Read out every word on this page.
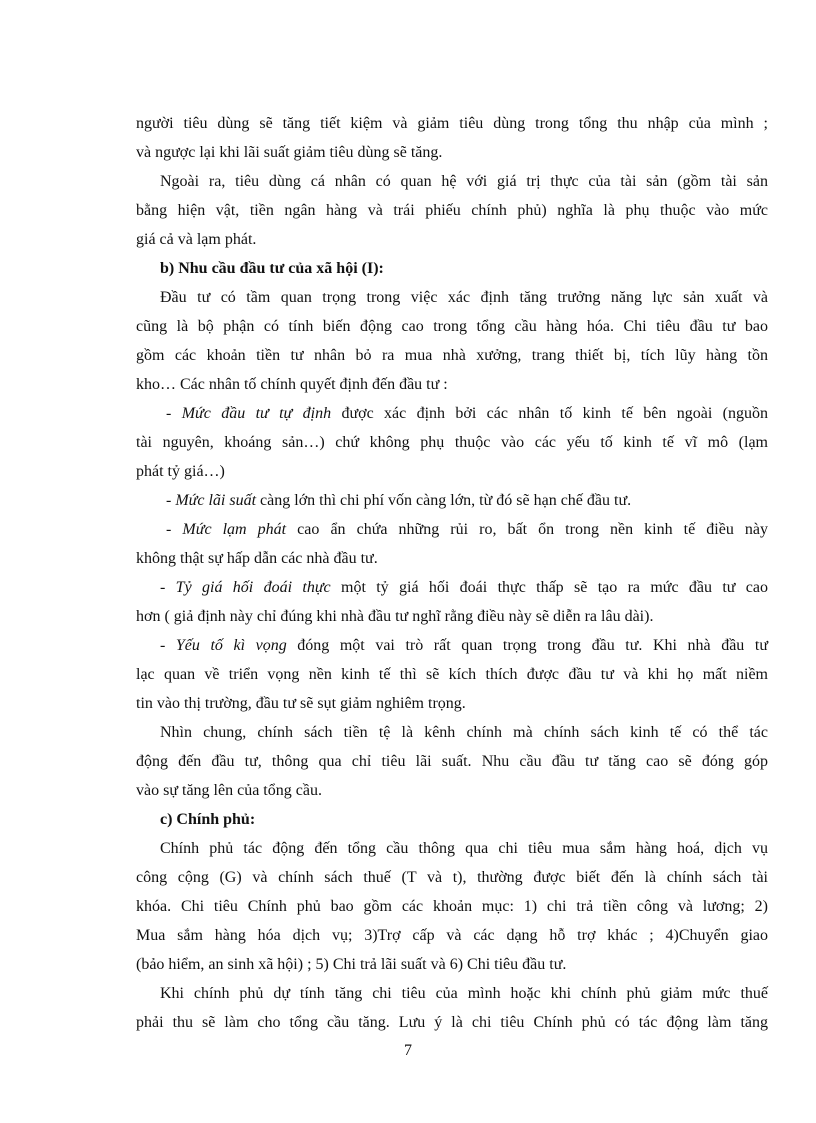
người tiêu dùng sẽ tăng tiết kiệm và giảm tiêu dùng trong tổng thu nhập của mình ;
và ngược lại khi lãi suất giảm tiêu dùng sẽ tăng.
Ngoài ra, tiêu dùng cá nhân có quan hệ với giá trị thực của tài sản (gồm tài sản
bằng hiện vật, tiền ngân hàng và trái phiếu chính phủ) nghĩa là phụ thuộc vào mức
giá cả và lạm phát.
b) Nhu cầu đầu tư của xã hội (I):
Đầu tư có tầm quan trọng trong việc xác định tăng trưởng năng lực sản xuất và
cũng là bộ phận có tính biến động cao trong tổng cầu hàng hóa. Chi tiêu đầu tư bao
gồm các khoản tiền tư nhân bỏ ra mua nhà xưởng, trang thiết bị, tích lũy hàng tồn
kho… Các nhân tố chính quyết định đến đầu tư :
- Mức đầu tư tự định được xác định bởi các nhân tố kinh tế bên ngoài (nguồn
tài nguyên, khoáng sản…) chứ không phụ thuộc vào các yếu tố kinh tế vĩ mô (lạm
phát tỷ giá…)
- Mức lãi suất càng lớn thì chi phí vốn càng lớn, từ đó sẽ hạn chế đầu tư.
- Mức lạm phát cao ẩn chứa những rủi ro, bất ổn trong nền kinh tế điều này
không thật sự hấp dẫn các nhà đầu tư.
- Tỷ giá hối đoái thực một tỷ giá hối đoái thực thấp sẽ tạo ra mức đầu tư cao
hơn ( giả định này chỉ đúng khi nhà đầu tư nghĩ rằng điều này sẽ diễn ra lâu dài).
- Yếu tố kì vọng đóng một vai trò rất quan trọng trong đầu tư. Khi nhà đầu tư
lạc quan về triển vọng nền kinh tế thì sẽ kích thích được đầu tư và khi họ mất niềm
tin vào thị trường, đầu tư sẽ sụt giảm nghiêm trọng.
Nhìn chung, chính sách tiền tệ là kênh chính mà chính sách kinh tế có thể tác
động đến đầu tư, thông qua chỉ tiêu lãi suất. Nhu cầu đầu tư tăng cao sẽ đóng góp
vào sự tăng lên của tổng cầu.
c) Chính phủ:
Chính phủ tác động đến tổng cầu thông qua chi tiêu mua sắm hàng hoá, dịch vụ
công cộng (G) và chính sách thuế (T và t), thường được biết đến là chính sách tài
khóa. Chi tiêu Chính phủ bao gồm các khoản mục: 1) chi trả tiền công và lương; 2)
Mua sắm hàng hóa dịch vụ; 3)Trợ cấp và các dạng hỗ trợ khác ; 4)Chuyển giao
(bảo hiểm, an sinh xã hội) ; 5) Chi trả lãi suất và 6) Chi tiêu đầu tư.
Khi chính phủ dự tính tăng chi tiêu của mình hoặc khi chính phủ giảm mức thuế
phải thu sẽ làm cho tổng cầu tăng. Lưu ý là chi tiêu Chính phủ có tác động làm tăng
7
